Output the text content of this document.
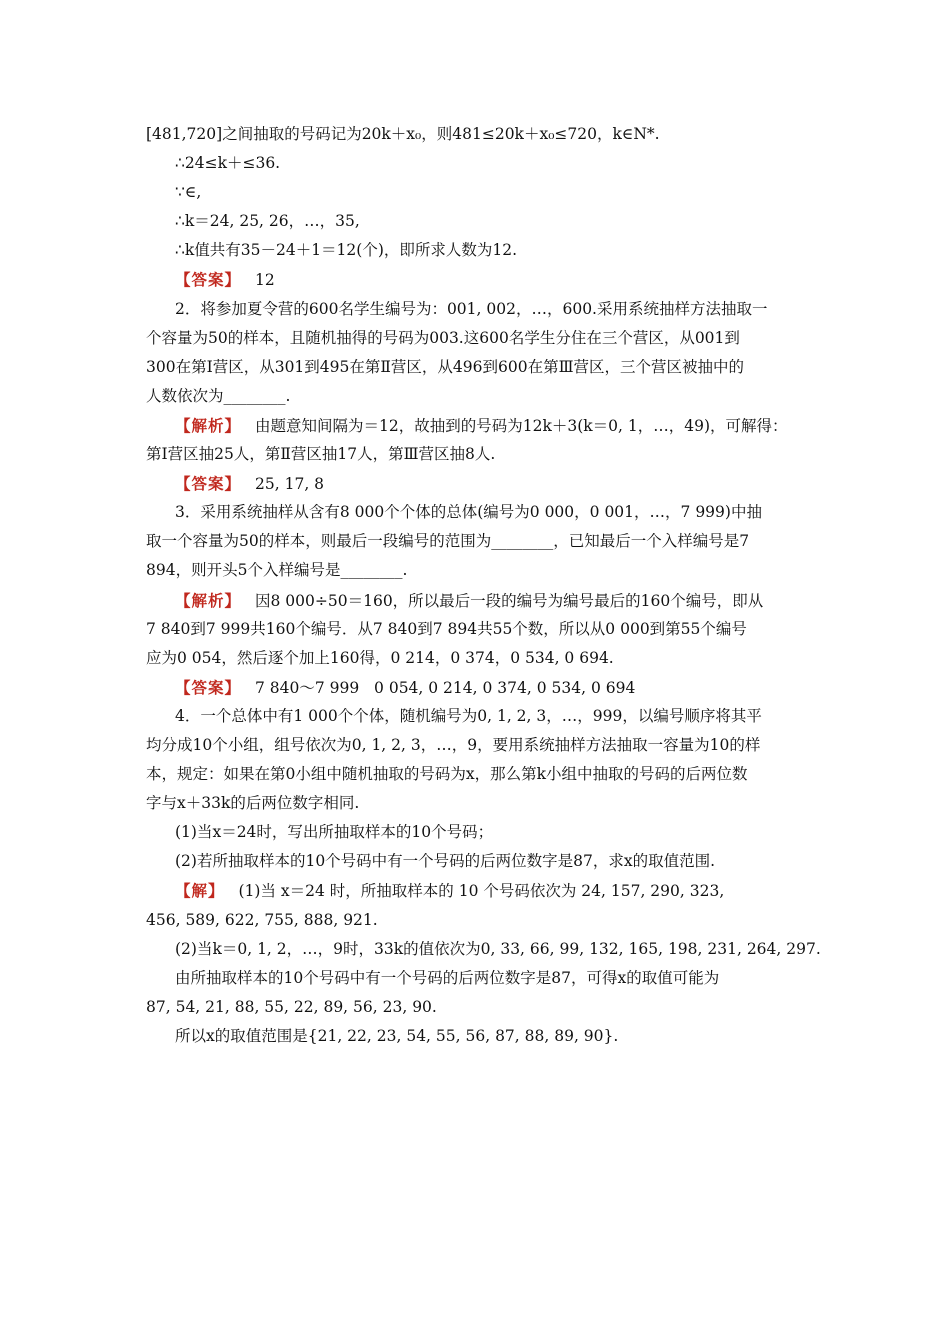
[481,720]之间抽取的号码记为20k＋x₀，则481≤20k＋x₀≤720，k∈N*.
∴24≤k＋≤36.
∵∈,
∴k＝24, 25, 26，…，35,
∴k值共有35－24＋1＝12(个)，即所求人数为12.
【答案】 12
2．将参加夏令营的600名学生编号为：001, 002，…，600.采用系统抽样方法抽取一
个容量为50的样本，且随机抽得的号码为003.这600名学生分住在三个营区，从001到
300在第Ⅰ营区，从301到495在第Ⅱ营区，从496到600在第Ⅲ营区，三个营区被抽中的
人数依次为________.
【解析】 由题意知间隔为＝12，故抽到的号码为12k＋3(k＝0, 1，…，49)，可解得：
第Ⅰ营区抽25人，第Ⅱ营区抽17人，第Ⅲ营区抽8人.
【答案】 25, 17, 8
3．采用系统抽样从含有8 000个个体的总体(编号为0 000，0 001，…，7 999)中抽
取一个容量为50的样本，则最后一段编号的范围为________，已知最后一个入样编号是7
894，则开头5个入样编号是________.
【解析】 因8 000÷50＝160，所以最后一段的编号为编号最后的160个编号，即从
7 840到7 999共160个编号．从7 840到7 894共55个数，所以从0 000到第55个编号
应为0 054，然后逐个加上160得，0 214，0 374，0 534, 0 694.
【答案】 7 840～7 999   0 054, 0 214, 0 374, 0 534, 0 694
4．一个总体中有1 000个个体，随机编号为0, 1, 2, 3，…，999，以编号顺序将其平
均分成10个小组，组号依次为0, 1, 2, 3，…，9，要用系统抽样方法抽取一容量为10的样
本，规定：如果在第0小组中随机抽取的号码为x，那么第k小组中抽取的号码的后两位数
字与x＋33k的后两位数字相同.
(1)当x＝24时，写出所抽取样本的10个号码；
(2)若所抽取样本的10个号码中有一个号码的后两位数字是87，求x的取值范围.
【解】 (1)当 x＝24 时，所抽取样本的 10 个号码依次为 24, 157, 290, 323,
456, 589, 622, 755, 888, 921.
(2)当k＝0, 1, 2，…，9时，33k的值依次为0, 33, 66, 99, 132, 165, 198, 231, 264, 297.
由所抽取样本的10个号码中有一个号码的后两位数字是87，可得x的取值可能为
87, 54, 21, 88, 55, 22, 89, 56, 23, 90.
所以x的取值范围是{21, 22, 23, 54, 55, 56, 87, 88, 89, 90}.
